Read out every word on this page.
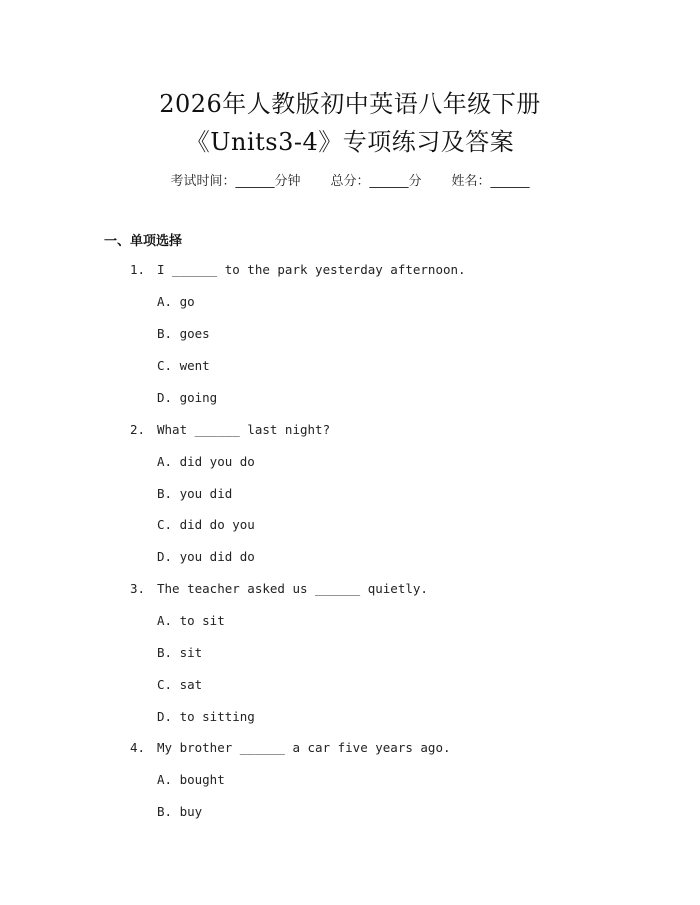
2026年人教版初中英语八年级下册
《Units3-4》专项练习及答案
考试时间：______分钟 总分：______分 姓名：______
一、单项选择
1. I ______ to the park yesterday afternoon.
A. go
B. goes
C. went
D. going
2. What ______ last night?
A. did you do
B. you did
C. did do you
D. you did do
3. The teacher asked us ______ quietly.
A. to sit
B. sit
C. sat
D. to sitting
4. My brother ______ a car five years ago.
A. bought
B. buy
